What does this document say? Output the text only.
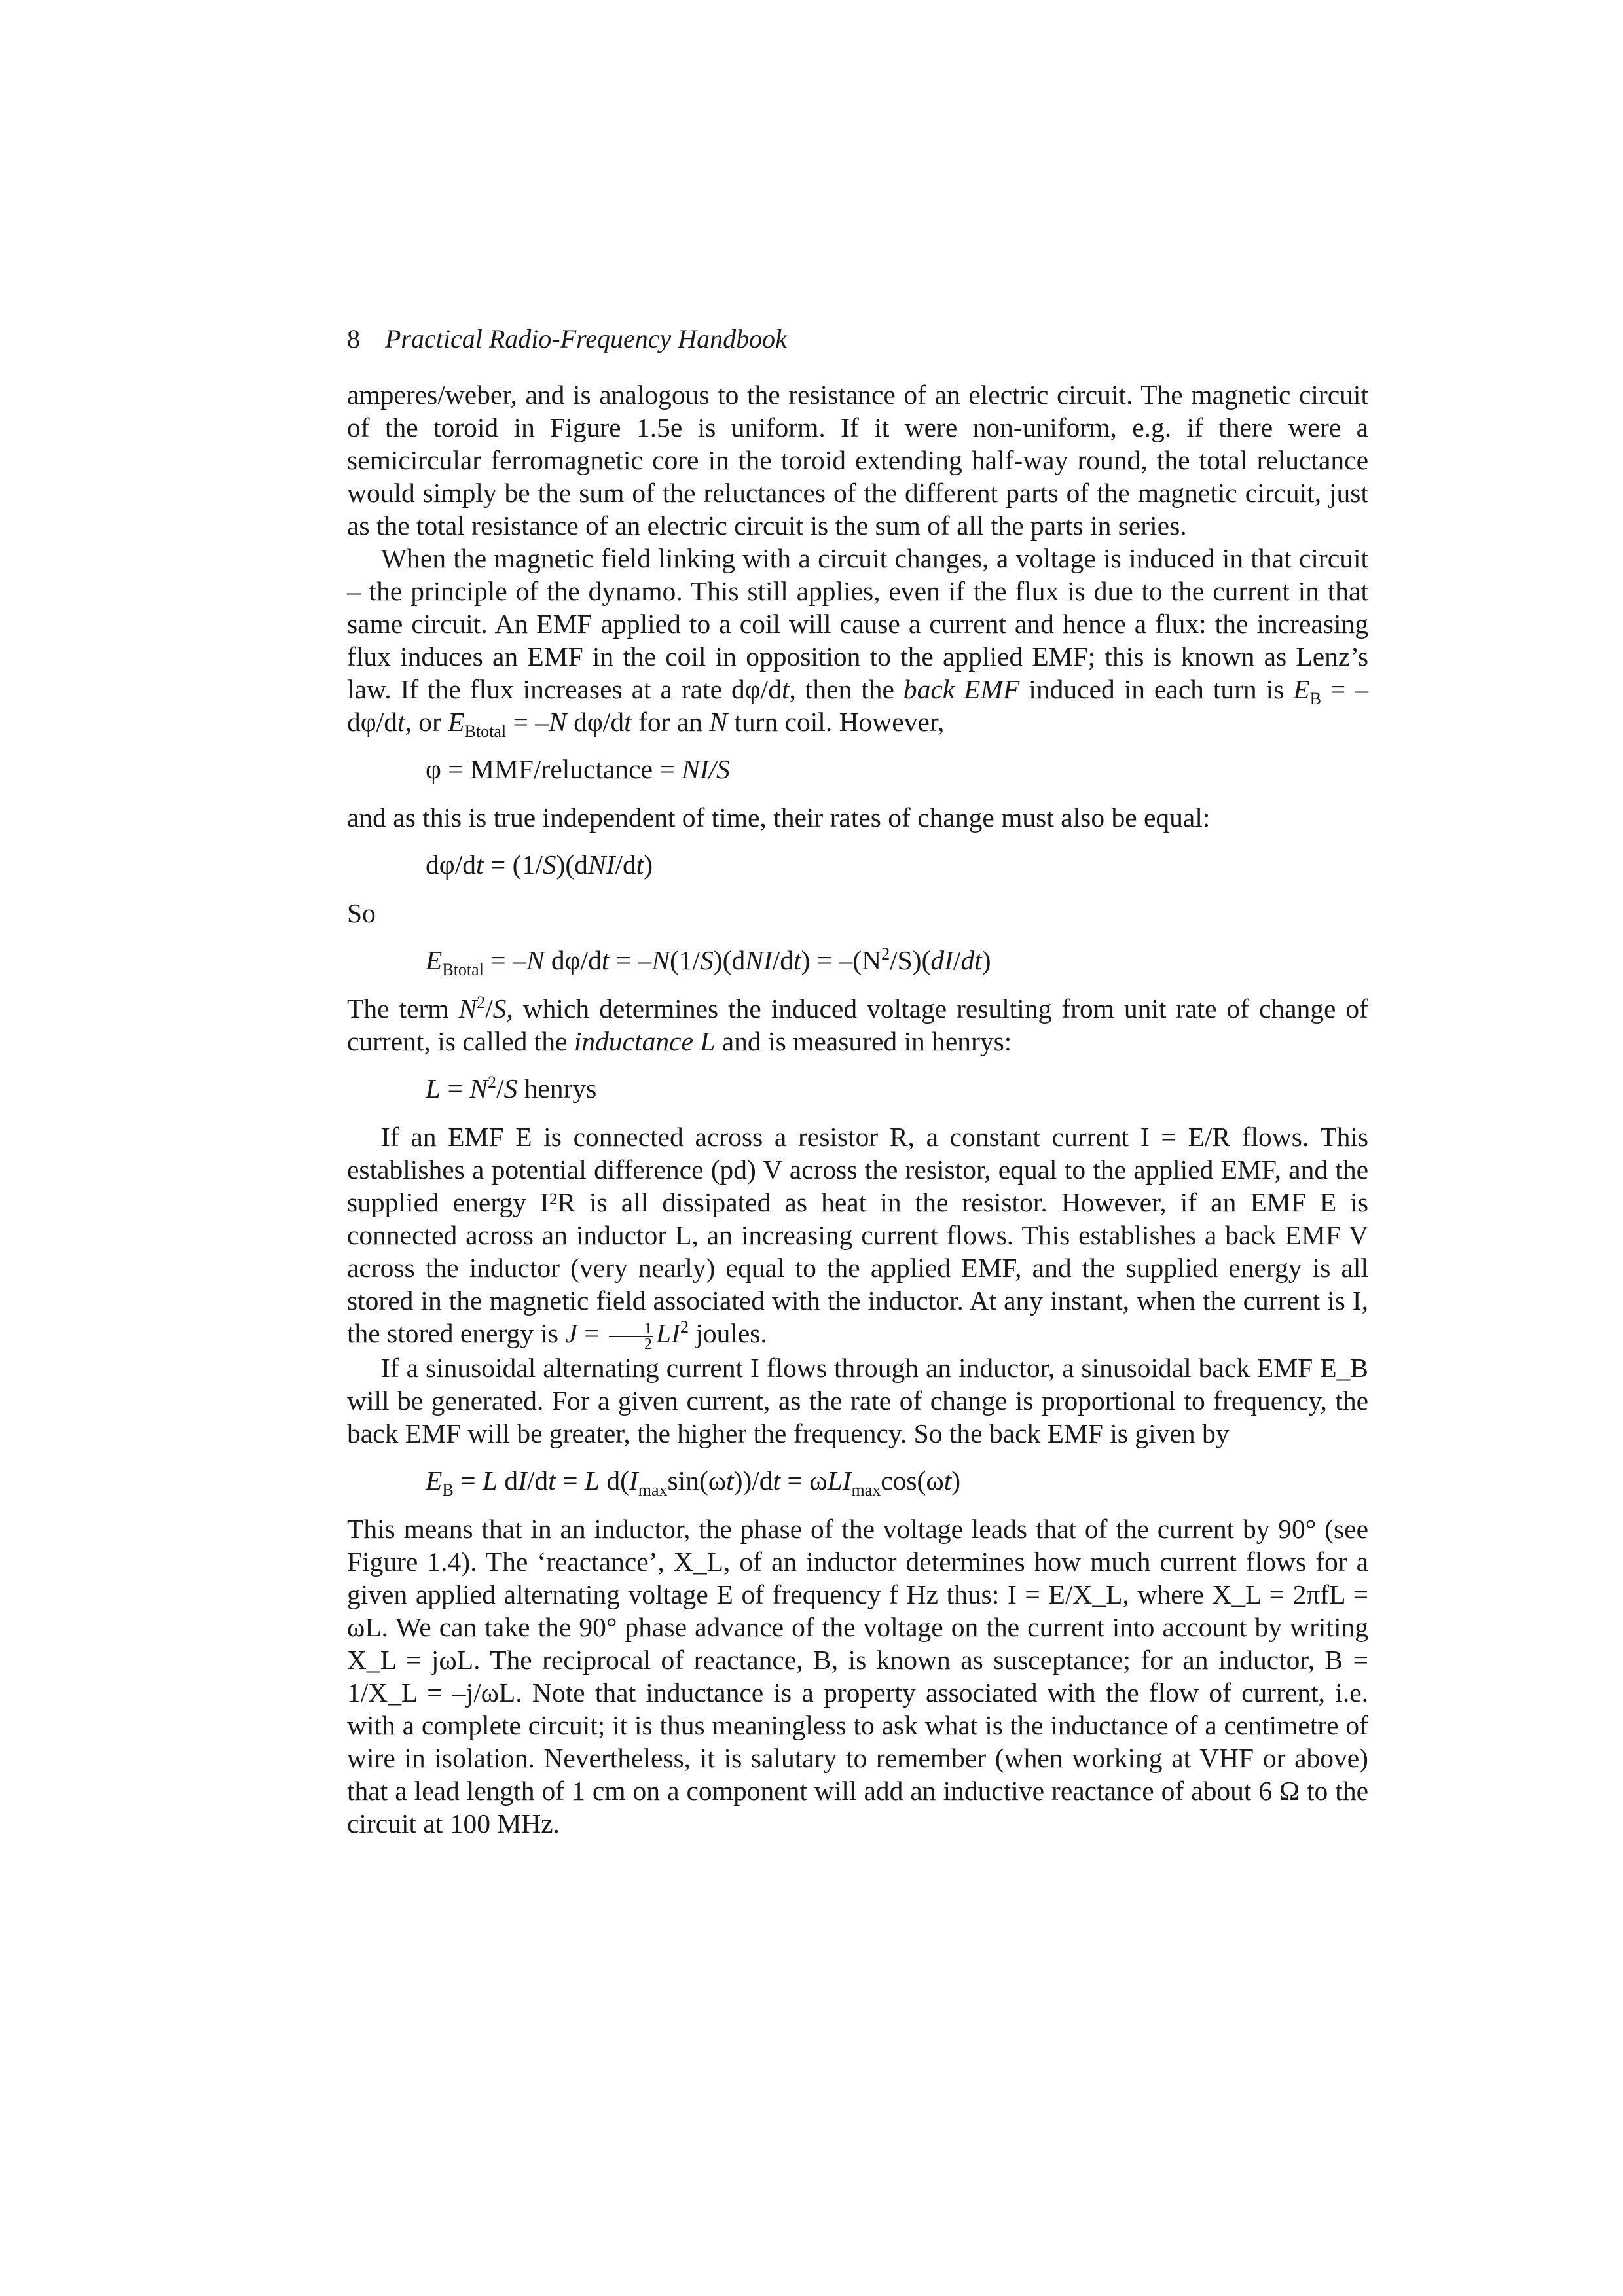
8 Practical Radio-Frequency Handbook

amperes/weber, and is analogous to the resistance of an electric circuit. The magnetic circuit of the toroid in Figure 1.5e is uniform. If it were non-uniform, e.g. if there were a semicircular ferromagnetic core in the toroid extending half-way round, the total reluctance would simply be the sum of the reluctances of the different parts of the magnetic circuit, just as the total resistance of an electric circuit is the sum of all the parts in series.

When the magnetic field linking with a circuit changes, a voltage is induced in that circuit – the principle of the dynamo. This still applies, even if the flux is due to the current in that same circuit. An EMF applied to a coil will cause a current and hence a flux: the increasing flux induces an EMF in the coil in opposition to the applied EMF; this is known as Lenz’s law. If the flux increases at a rate dφ/dt, then the back EMF induced in each turn is $E_B = -d\varphi/dt$, or $E_{Btotal} = -N$ dφ/dt for an N turn coil. However,

φ = MMF/reluctance = NI/S

and as this is true independent of time, their rates of change must also be equal:

dφ/dt = (1/S)(dNI/dt)

So

$E_{Btotal} = -N$ $d\varphi/dt = -N(1/S)(dNI/dt) = -(N^2/S)(dI/dt)$

The term $N^2/S$, which determines the induced voltage resulting from unit rate of change of current, is called the inductance L and is measured in henrys:

$L = N^2/S$ henrys

If an EMF E is connected across a resistor R, a constant current I = E/R flows. This establishes a potential difference (pd) V across the resistor, equal to the applied EMF, and the supplied energy I²R is all dissipated as heat in the resistor. However, if an EMF E is connected across an inductor L, an increasing current flows. This establishes a back EMF V across the inductor (very nearly) equal to the applied EMF, and the supplied energy is all stored in the magnetic field associated with the inductor. At any instant, when the current is I, the stored energy is $J = \frac{1}{2} LI^2$ joules.

If a sinusoidal alternating current I flows through an inductor, a sinusoidal back EMF E_B will be generated. For a given current, as the rate of change is proportional to frequency, the back EMF will be greater, the higher the frequency. So the back EMF is given by

$E_B = L$ dI/dt = L $d(I_{max}\sin(\omega t))/dt = \omega LI_{max}\cos(\omega t)$

This means that in an inductor, the phase of the voltage leads that of the current by 90° (see Figure 1.4). The ‘reactance’, X_L, of an inductor determines how much current flows for a given applied alternating voltage E of frequency f Hz thus: I = E/X_L, where X_L = 2πfL = ωL. We can take the 90° phase advance of the voltage on the current into account by writing X_L = jωL. The reciprocal of reactance, B, is known as susceptance; for an inductor, B = 1/X_L = –j/ωL. Note that inductance is a property associated with the flow of current, i.e. with a complete circuit; it is thus meaningless to ask what is the inductance of a centimetre of wire in isolation. Nevertheless, it is salutary to remember (when working at VHF or above) that a lead length of 1 cm on a component will add an inductive reactance of about 6 Ω to the circuit at 100 MHz.
